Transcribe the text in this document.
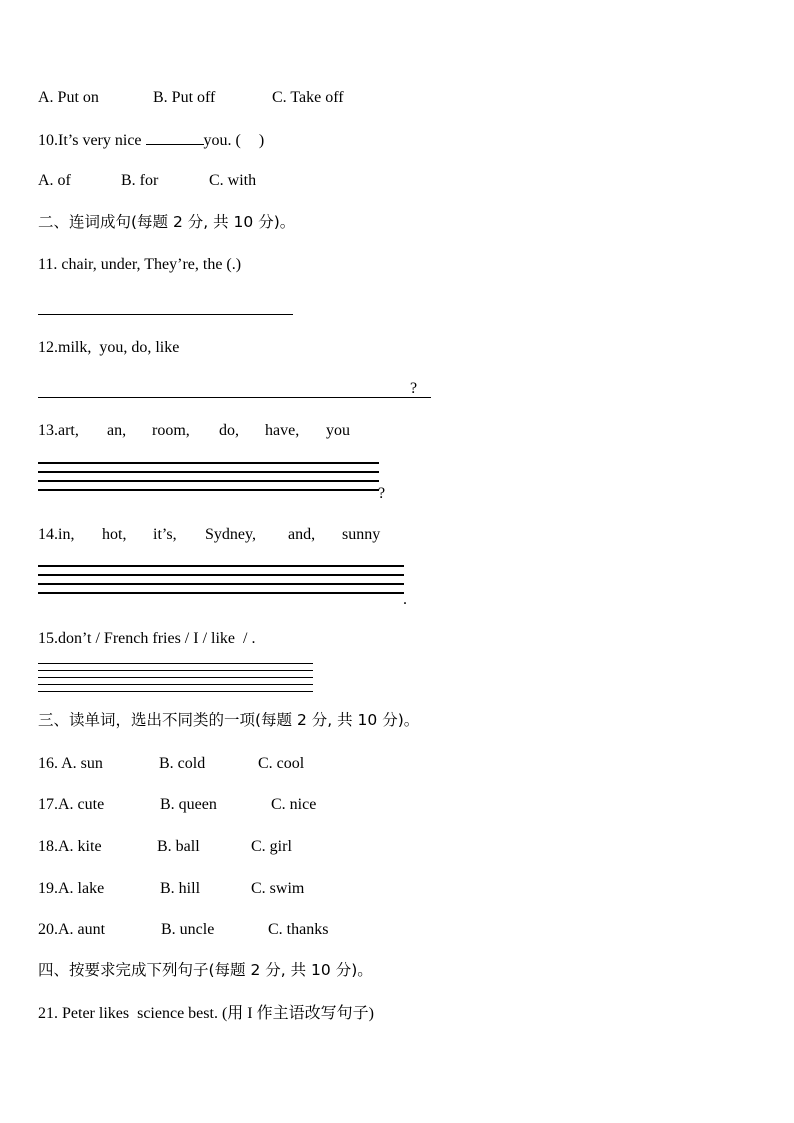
A. Put on	B. Put off	C. Take off
10.It’s very nice	you. ( )
A. of	B. for	C. with
二、连词成句(每题 2 分, 共 10 分)。
11. chair, under, They’re, the (.)
12.milk,  you, do, like
?
13.art, an, room, do, have, you
?
14.in, hot, it’s, Sydney, and, sunny
.
15.don’t / French fries / I / like  / .
三、读单词，选出不同类的一项(每题 2 分, 共 10 分)。
16. A. sun	B. cold	C. cool
17.A. cute	B. queen	C. nice
18.A. kite	B. ball	C. girl
19.A. lake	B. hill	C. swim
20.A. aunt	B. uncle	C. thanks
四、按要求完成下列句子(每题 2 分, 共 10 分)。
21. Peter likes  science best. (用 I 作主语改写句子)
